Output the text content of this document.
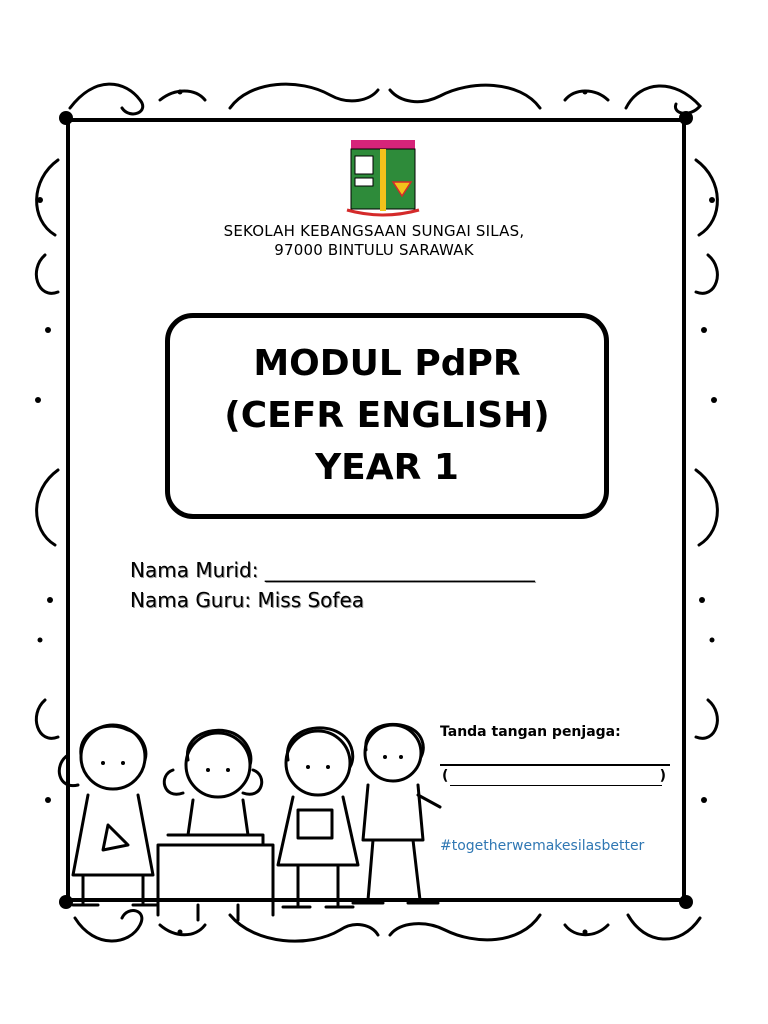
SEKOLAH KEBANGSAAN SUNGAI SILAS,
97000 BINTULU SARAWAK
MODUL PdPR
(CEFR ENGLISH)
YEAR 1
Nama Murid: ___________________________
Nama Guru: Miss Sofea
Tanda tangan penjaga:
(	)
#togetherwemakesilasbetter
